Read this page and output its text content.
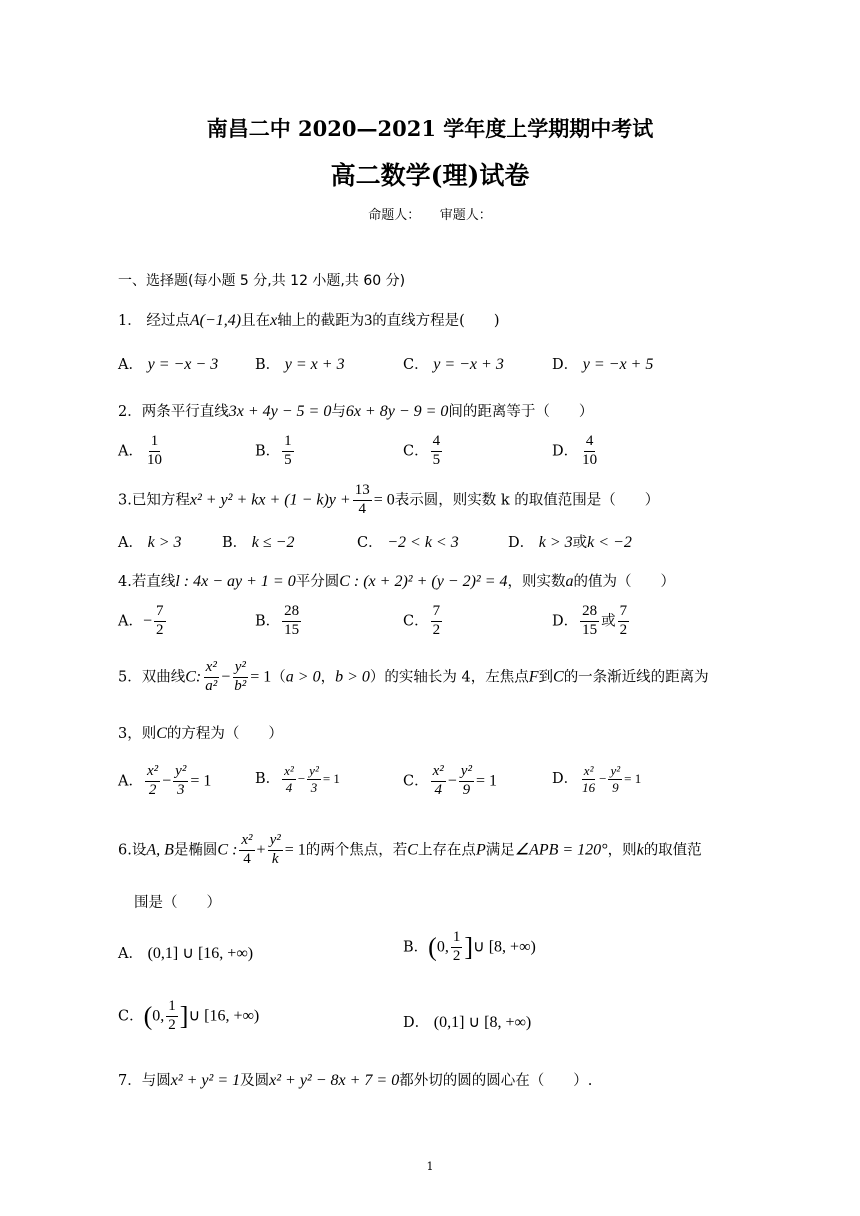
南昌二中 2020—2021 学年度上学期期中考试
高二数学(理)试卷
命题人：　　审题人：
一、选择题(每小题 5 分,共 12 小题,共 60 分)
1． 经过点A(−1,4)且在x轴上的截距为3的直线方程是(　　)
A． y = −x − 3	B． y = x + 3	C． y = −x + 3	D． y = −x + 5
2．两条平行直线3x + 4y − 5 = 0与6x + 8y − 9 = 0间的距离等于（　　）
A． $\frac{1}{10}$	B． $\frac{1}{5}$	C． $\frac{4}{5}$	D． $\frac{4}{10}$
3.已知方程x² + y² + kx + $(1 - k)y + \frac{13}{4} = 0$表示圆，则实数 k 的取值范围是（　　）
A． k > 3	B． k ≤ −2	C． −2 < k < 3	D． k > 3或k < −2
4.若直线l : 4x − ay + 1 = 0平分圆C : (x + 2)² + (y − 2)² = 4，则实数a的值为（　　）
A．− $\frac{7}{2}$	B． $\frac{28}{15}$	C． $\frac{7}{2}$	D． $\frac{28}{15}$ 或 $\frac{7}{2}$
5．双曲线C: $\frac{\text{x²}}{\text{a²}} - \frac{\text{y²}}{\text{b²}} = 1(a > 0$，b > 0）的实轴长为 4，左焦点F到C的一条渐近线的距离为
3，则C的方程为（　　）
A． $\frac{\text{x²}}{2} - \frac{\text{y²}}{3} = 1$	B． $\frac{\text{x²}}{4} - \frac{\text{y²}}{3} = 1$	C． $\frac{\text{x²}}{4} - \frac{\text{y²}}{9} = 1$	D． $\frac{\text{x²}}{16} - \frac{\text{y²}}{9} = 1$
6.设A, B是椭圆C : $\frac{\text{x²}}{4} + \frac{\text{y²}}{k} = 1$的两个焦点，若C上存在点P满足∠APB = 120°，则k的取值范
围是（　　）
A． (0,1] ∪ [16, +∞)	B．(0, $\frac{1}{2}$ ]∪ [8, +∞)
C．(0, $\frac{1}{2}$ ]∪ [16, +∞)	D． (0,1] ∪ [8, +∞)
7．与圆x² + y² = 1及圆x² + y² − 8x + 7 = 0都外切的圆的圆心在（　　）.
1
